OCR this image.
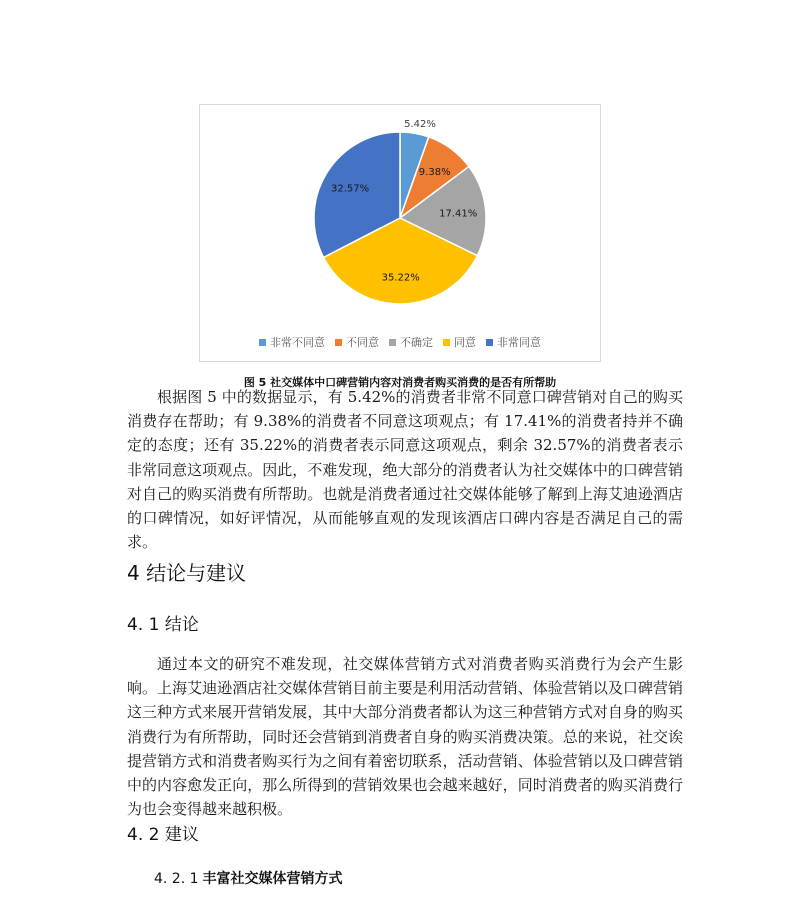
5.42%
9.38%
17.41%
35.22%
32.57%
非常不同意 不同意 不确定 同意 非常同意
图 5 社交媒体中口碑营销内容对消费者购买消费的是否有所帮助

根据图 5 中的数据显示，有 5.42%的消费者非常不同意口碑营销对自己的购买消费存在帮助；有 9.38%的消费者不同意这项观点；有 17.41%的消费者持并不确定的态度；还有 35.22%的消费者表示同意这项观点，剩余 32.57%的消费者表示非常同意这项观点。因此，不难发现，绝大部分的消费者认为社交媒体中的口碑营销对自己的购买消费有所帮助。也就是消费者通过社交媒体能够了解到上海艾迪逊酒店的口碑情况，如好评情况，从而能够直观的发现该酒店口碑内容是否满足自己的需求。

4 结论与建议
4. 1 结论

通过本文的研究不难发现，社交媒体营销方式对消费者购买消费行为会产生影响。上海艾迪逊酒店社交媒体营销目前主要是利用活动营销、体验营销以及口碑营销这三种方式来展开营销发展，其中大部分消费者都认为这三种营销方式对自身的购买消费行为有所帮助，同时还会营销到消费者自身的购买消费决策。总的来说，社交诶提营销方式和消费者购买行为之间有着密切联系，活动营销、体验营销以及口碑营销中的内容愈发正向，那么所得到的营销效果也会越来越好，同时消费者的购买消费行为也会变得越来越积极。

4. 2 建议
4. 2. 1 丰富社交媒体营销方式
